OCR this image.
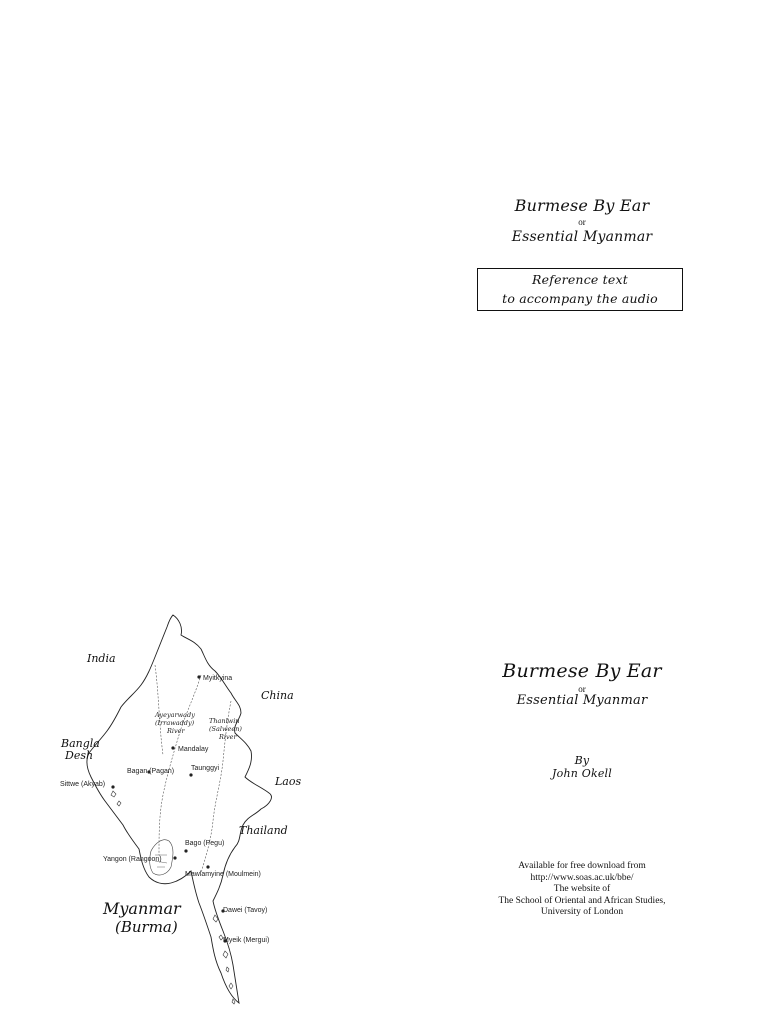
Burmese By Ear
or
Essential Myanmar
Reference text
to accompany the audio
Burmese By Ear
or
Essential Myanmar
By
John Okell
Available for free download from
http://www.soas.ac.uk/bbe/
The website of
The School of Oriental and African Studies,
University of London
India
China
Bangla
Desh
Laos
Thailand
Myanmar
(Burma)
Ayeyarwady
(Irrawaddy)
River
Thanlwin
(Salween)
River
Myitkyina
Mandalay
Bagan (Pagan) Taunggyi
Sittwe (Akyab)
Bago (Pegu)
Yangon (Rangoon)
Mawlamyine (Moulmein)
Dawei (Tavoy)
Myeik (Mergui)
